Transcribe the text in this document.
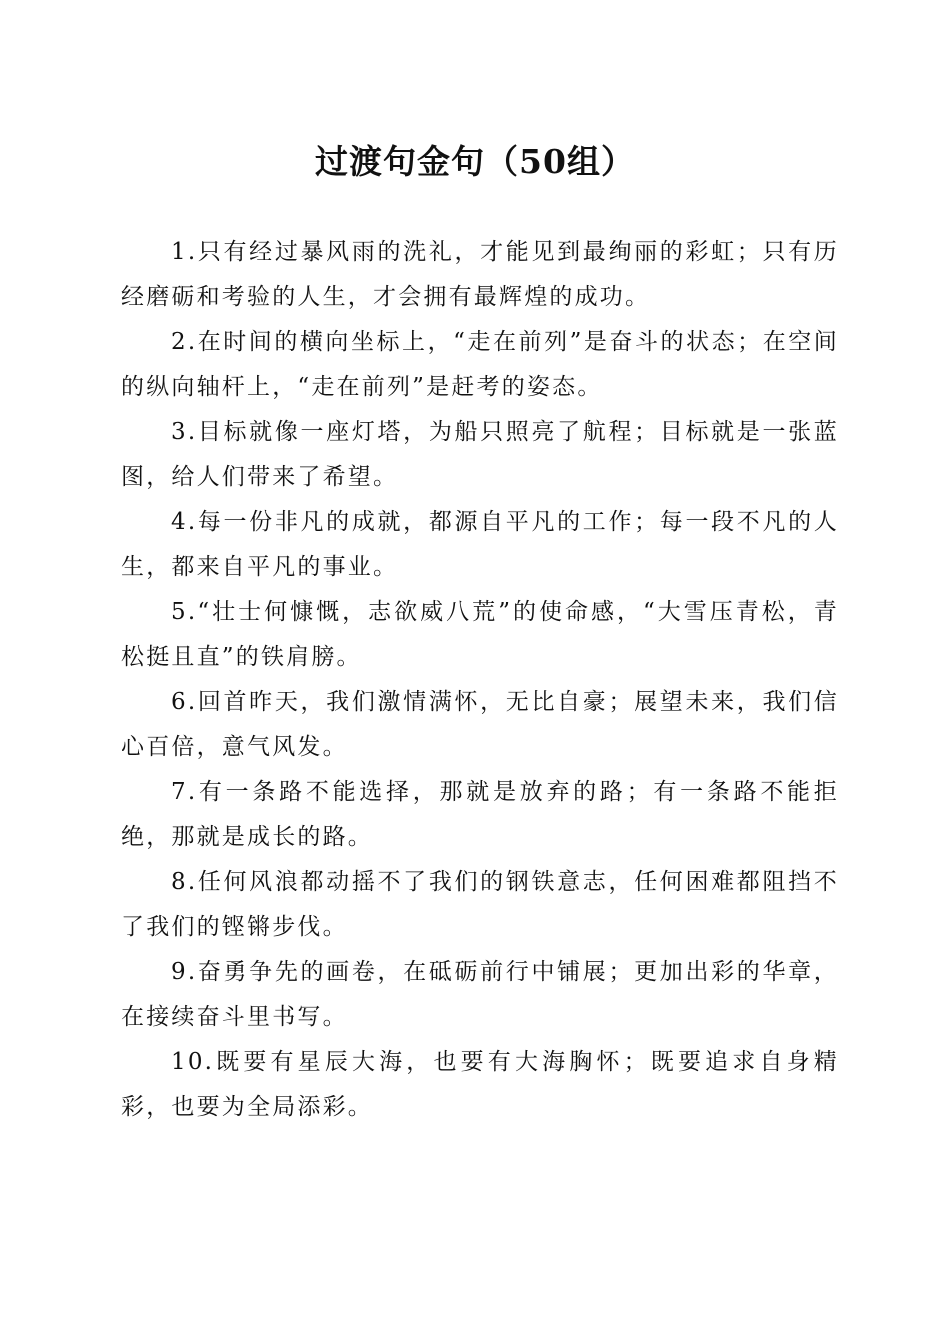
过渡句金句（50组）

1.只有经过暴风雨的洗礼，才能见到最绚丽的彩虹；只有历经磨砺和考验的人生，才会拥有最辉煌的成功。

2.在时间的横向坐标上，“走在前列”是奋斗的状态；在空间的纵向轴杆上，“走在前列”是赶考的姿态。

3.目标就像一座灯塔，为船只照亮了航程；目标就是一张蓝图，给人们带来了希望。

4.每一份非凡的成就，都源自平凡的工作；每一段不凡的人生，都来自平凡的事业。

5.“壮士何慷慨，志欲威八荒”的使命感，“大雪压青松，青松挺且直”的铁肩膀。

6.回首昨天，我们激情满怀，无比自豪；展望未来，我们信心百倍，意气风发。

7.有一条路不能选择，那就是放弃的路；有一条路不能拒绝，那就是成长的路。

8.任何风浪都动摇不了我们的钢铁意志，任何困难都阻挡不了我们的铿锵步伐。

9.奋勇争先的画卷，在砥砺前行中铺展；更加出彩的华章，在接续奋斗里书写。

10.既要有星辰大海，也要有大海胸怀；既要追求自身精彩，也要为全局添彩。
